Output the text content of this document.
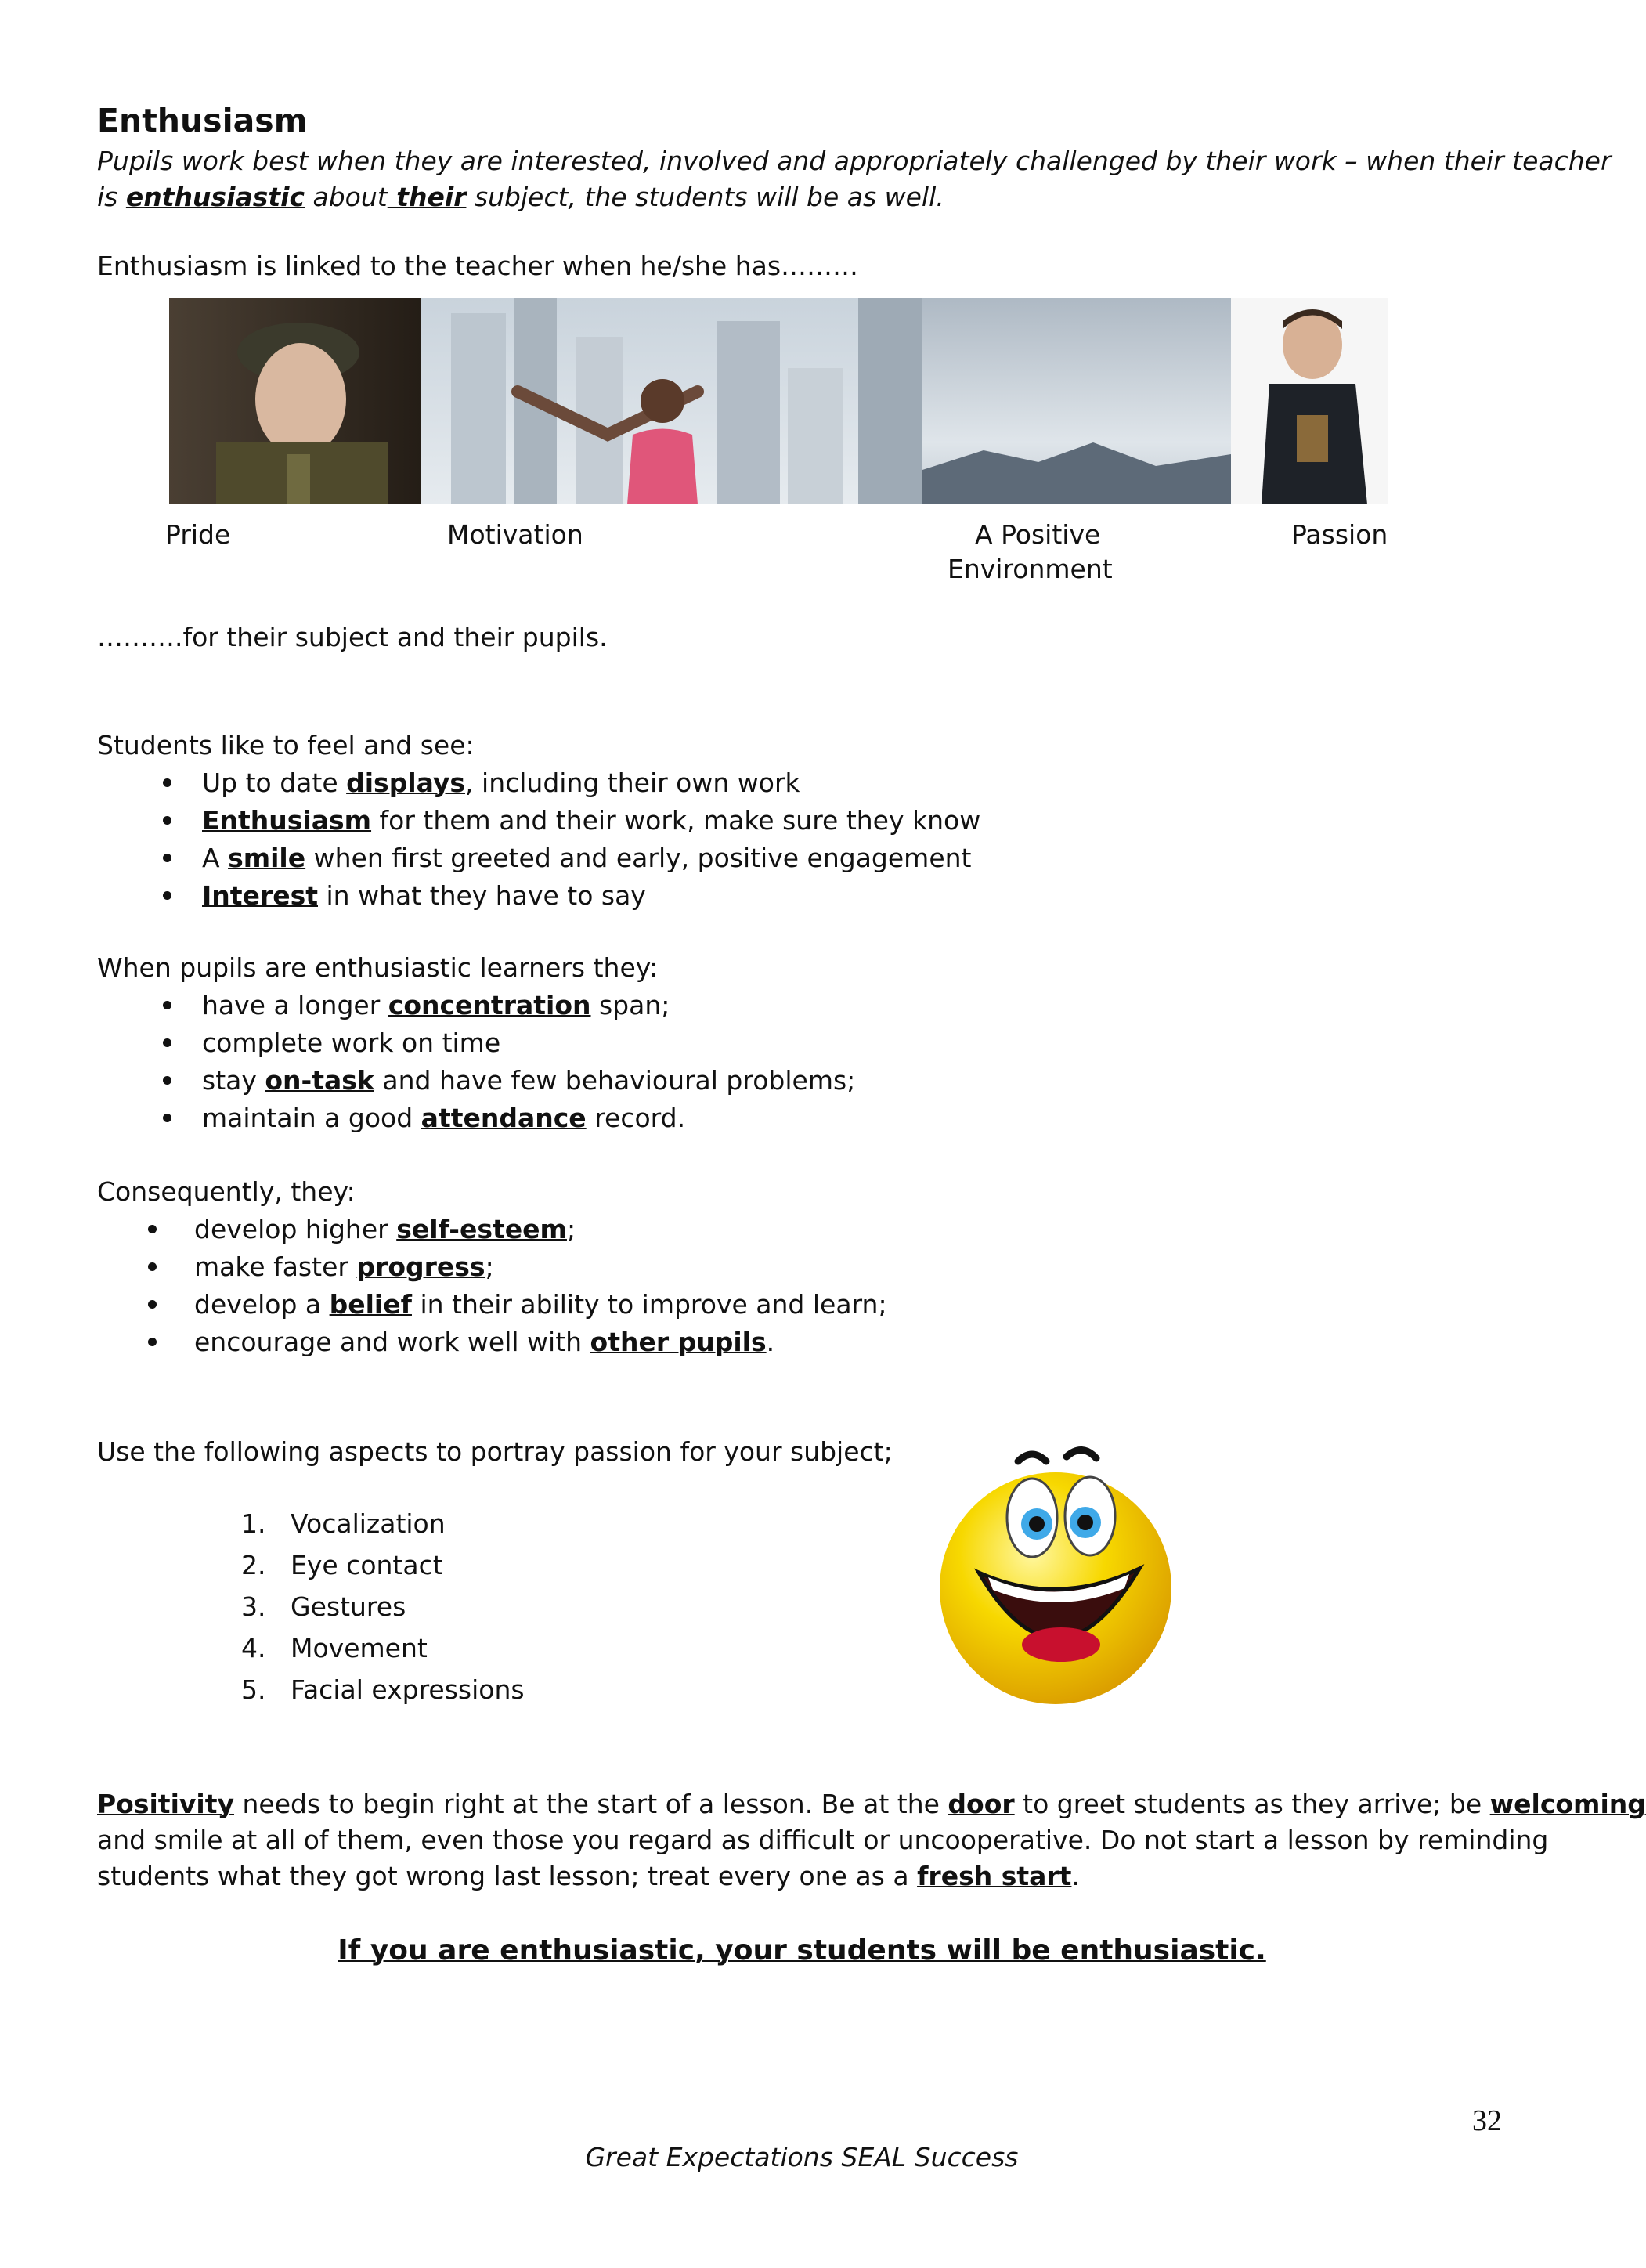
Enthusiasm
Pupils work best when they are interested, involved and appropriately challenged by their work – when their teacher
is enthusiastic about their subject, the students will be as well.
Enthusiasm is linked to the teacher when he/she has………
Pride	Motivation	A Positive
Environment
Passion
……….for their subject and their pupils.
Students like to feel and see:
Up to date displays, including their own work
Enthusiasm for them and their work, make sure they know
A smile when first greeted and early, positive engagement
Interest in what they have to say
When pupils are enthusiastic learners they:
have a longer concentration span;
complete work on time
stay on-task and have few behavioural problems;
maintain a good attendance record.
Consequently, they:
develop higher self-esteem;
make faster progress;
develop a belief in their ability to improve and learn;
encourage and work well with other pupils.
Use the following aspects to portray passion for your subject;
1. Vocalization
2. Eye contact
3. Gestures
4. Movement
5. Facial expressions
Positivity needs to begin right at the start of a lesson. Be at the door to greet students as they arrive; be welcoming
and smile at all of them, even those you regard as difficult or uncooperative. Do not start a lesson by reminding
students what they got wrong last lesson; treat every one as a fresh start.
If you are enthusiastic, your students will be enthusiastic.
32
Great Expectations SEAL Success
